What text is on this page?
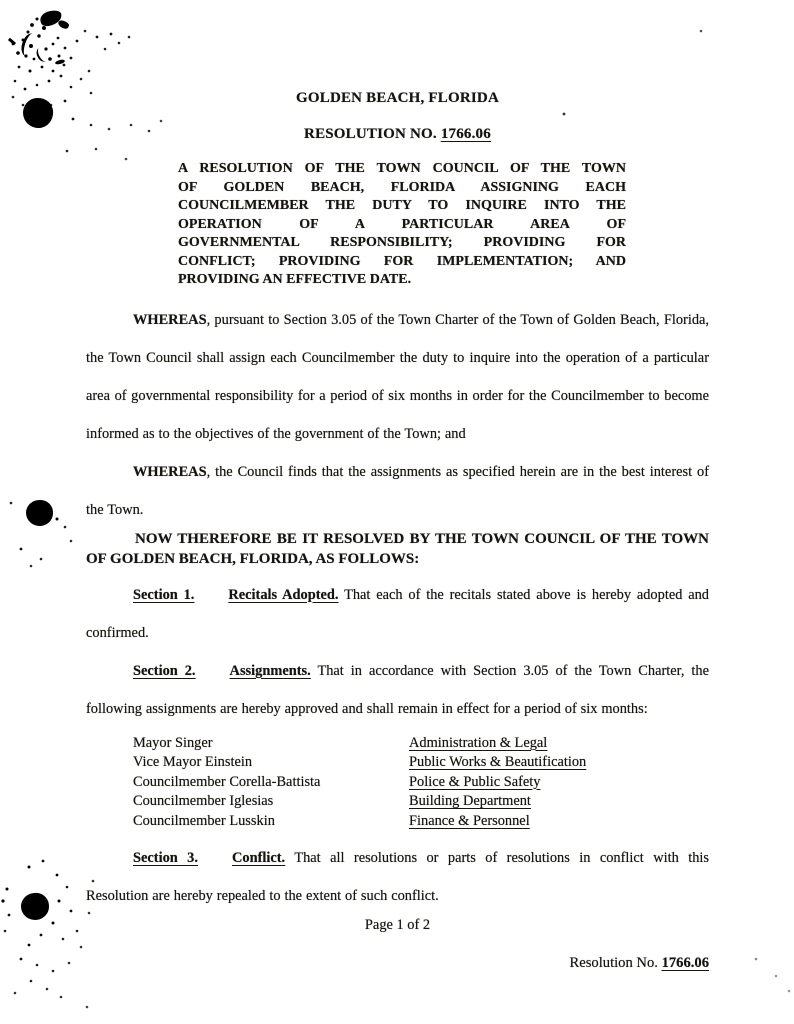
GOLDEN BEACH, FLORIDA

RESOLUTION NO. 1766.06

A RESOLUTION OF THE TOWN COUNCIL OF THE TOWN
OF GOLDEN BEACH, FLORIDA ASSIGNING EACH
COUNCILMEMBER THE DUTY TO INQUIRE INTO THE
OPERATION OF A PARTICULAR AREA OF
GOVERNMENTAL RESPONSIBILITY; PROVIDING FOR
CONFLICT; PROVIDING FOR IMPLEMENTATION; AND
PROVIDING AN EFFECTIVE DATE.

WHEREAS, pursuant to Section 3.05 of the Town Charter of the Town of Golden Beach, Florida, the Town Council shall assign each Councilmember the duty to inquire into the operation of a particular area of governmental responsibility for a period of six months in order for the Councilmember to become informed as to the objectives of the government of the Town; and

WHEREAS, the Council finds that the assignments as specified herein are in the best interest of the Town.

NOW THEREFORE BE IT RESOLVED BY THE TOWN COUNCIL OF THE TOWN
OF GOLDEN BEACH, FLORIDA, AS FOLLOWS:

Section 1. Recitals Adopted. That each of the recitals stated above is hereby adopted and confirmed.

Section 2. Assignments. That in accordance with Section 3.05 of the Town Charter, the following assignments are hereby approved and shall remain in effect for a period of six months:

Mayor Singer	Administration & Legal
Vice Mayor Einstein	Public Works & Beautification
Councilmember Corella-Battista	Police & Public Safety
Councilmember Iglesias	Building Department
Councilmember Lusskin	Finance & Personnel

Section 3. Conflict. That all resolutions or parts of resolutions in conflict with this Resolution are hereby repealed to the extent of such conflict.

Page 1 of 2

Resolution No. 1766.06
